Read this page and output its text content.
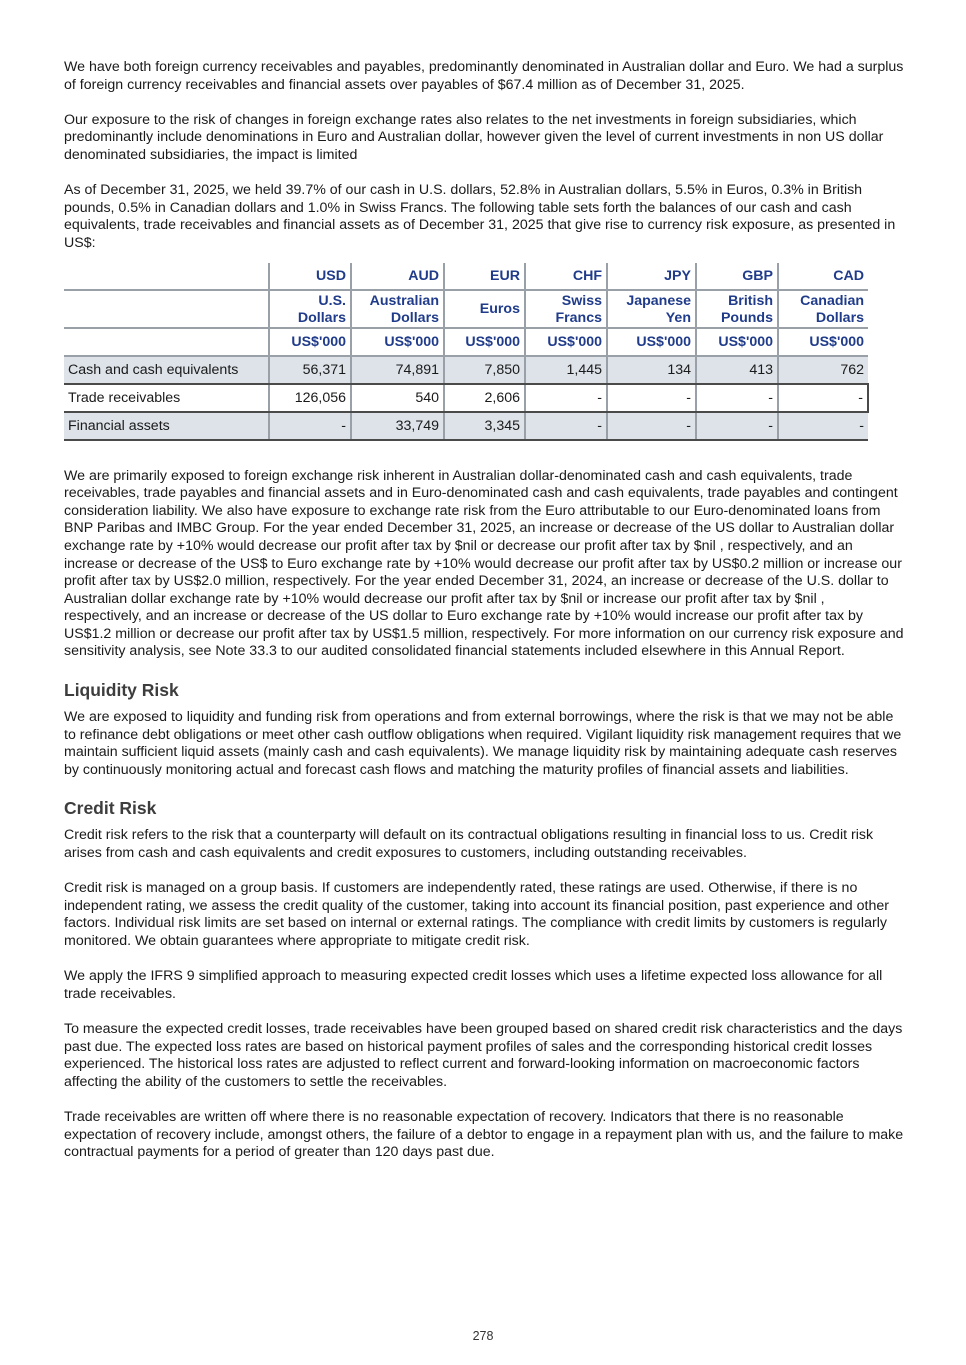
We have both foreign currency receivables and payables, predominantly denominated in Australian dollar and Euro. We had a surplus of foreign currency receivables and financial assets over payables of $67.4 million as of December 31, 2025.

Our exposure to the risk of changes in foreign exchange rates also relates to the net investments in foreign subsidiaries, which predominantly include denominations in Euro and Australian dollar, however given the level of current investments in non US dollar denominated subsidiaries, the impact is limited

As of December 31, 2025, we held 39.7% of our cash in U.S. dollars, 52.8% in Australian dollars, 5.5% in Euros, 0.3% in British pounds, 0.5% in Canadian dollars and 1.0% in Swiss Francs. The following table sets forth the balances of our cash and cash equivalents, trade receivables and financial assets as of December 31, 2025 that give rise to currency risk exposure, as presented in US$:

	USD	AUD	EUR	CHF	JPY	GBP	CAD
	U.S. Dollars	Australian Dollars	Euros	Swiss Francs	Japanese Yen	British Pounds	Canadian Dollars
	US$'000	US$'000	US$'000	US$'000	US$'000	US$'000	US$'000
Cash and cash equivalents	56,371	74,891	7,850	1,445	134	413	762
Trade receivables	126,056	540	2,606	-	-	-	-
Financial assets	-	33,749	3,345	-	-	-	-

We are primarily exposed to foreign exchange risk inherent in Australian dollar-denominated cash and cash equivalents, trade receivables, trade payables and financial assets and in Euro-denominated cash and cash equivalents, trade payables and contingent consideration liability. We also have exposure to exchange rate risk from the Euro attributable to our Euro-denominated loans from BNP Paribas and IMBC Group. For the year ended December 31, 2025, an increase or decrease of the US dollar to Australian dollar exchange rate by +10% would decrease our profit after tax by $nil or decrease our profit after tax by $nil , respectively, and an increase or decrease of the US$ to Euro exchange rate by +10% would decrease our profit after tax by US$0.2 million or increase our profit after tax by US$2.0 million, respectively. For the year ended December 31, 2024, an increase or decrease of the U.S. dollar to Australian dollar exchange rate by +10% would decrease our profit after tax by $nil or increase our profit after tax by $nil , respectively, and an increase or decrease of the US dollar to Euro exchange rate by +10% would increase our profit after tax by US$1.2 million or decrease our profit after tax by US$1.5 million, respectively. For more information on our currency risk exposure and sensitivity analysis, see Note 33.3 to our audited consolidated financial statements included elsewhere in this Annual Report.

Liquidity Risk

We are exposed to liquidity and funding risk from operations and from external borrowings, where the risk is that we may not be able to refinance debt obligations or meet other cash outflow obligations when required. Vigilant liquidity risk management requires that we maintain sufficient liquid assets (mainly cash and cash equivalents). We manage liquidity risk by maintaining adequate cash reserves by continuously monitoring actual and forecast cash flows and matching the maturity profiles of financial assets and liabilities.

Credit Risk

Credit risk refers to the risk that a counterparty will default on its contractual obligations resulting in financial loss to us. Credit risk arises from cash and cash equivalents and credit exposures to customers, including outstanding receivables.

Credit risk is managed on a group basis. If customers are independently rated, these ratings are used. Otherwise, if there is no independent rating, we assess the credit quality of the customer, taking into account its financial position, past experience and other factors. Individual risk limits are set based on internal or external ratings. The compliance with credit limits by customers is regularly monitored. We obtain guarantees where appropriate to mitigate credit risk.

We apply the IFRS 9 simplified approach to measuring expected credit losses which uses a lifetime expected loss allowance for all trade receivables.

To measure the expected credit losses, trade receivables have been grouped based on shared credit risk characteristics and the days past due. The expected loss rates are based on historical payment profiles of sales and the corresponding historical credit losses experienced. The historical loss rates are adjusted to reflect current and forward-looking information on macroeconomic factors affecting the ability of the customers to settle the receivables.

Trade receivables are written off where there is no reasonable expectation of recovery. Indicators that there is no reasonable expectation of recovery include, amongst others, the failure of a debtor to engage in a repayment plan with us, and the failure to make contractual payments for a period of greater than 120 days past due.

278
